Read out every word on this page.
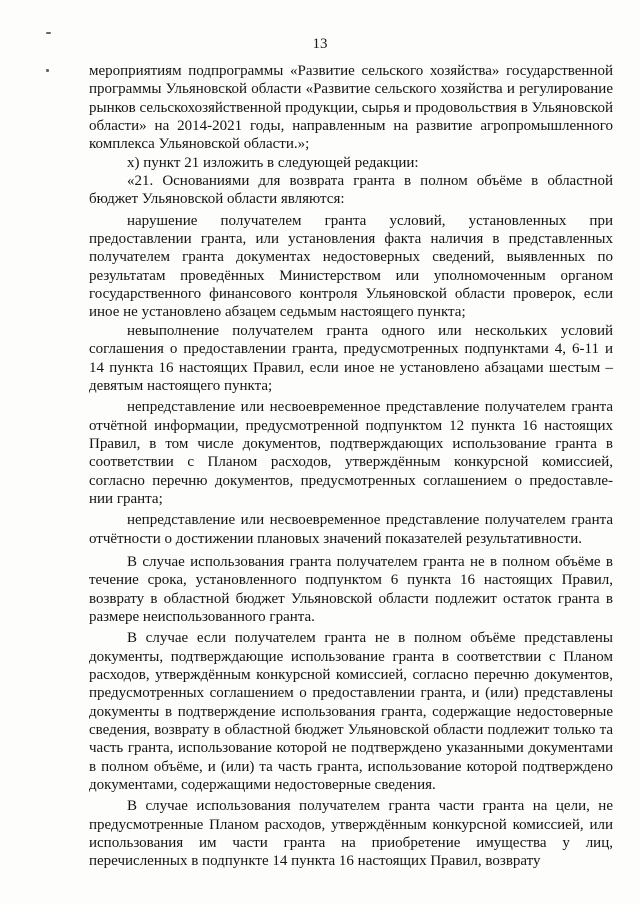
13

мероприятиям подпрограммы «Развитие сельского хозяйства» государственной программы Ульяновской области «Развитие сельского хозяйства и регулирование рынков сельскохозяйственной продукции, сырья и продовольствия в Ульяновской области» на 2014-2021 годы, направленным на развитие агропромышленного комплекса Ульяновской области.»;

х) пункт 21 изложить в следующей редакции:

«21. Основаниями для возврата гранта в полном объёме в областной бюджет Ульяновской области являются:

нарушение получателем гранта условий, установленных при предоставлении гранта, или установления факта наличия в представленных получателем гранта документах недостоверных сведений, выявленных по результатам проведённых Министерством или уполномоченным органом государственного финансового контроля Ульяновской области проверок, если иное не установлено абзацем седьмым настоящего пункта;

невыполнение получателем гранта одного или нескольких условий соглашения о предоставлении гранта, предусмотренных подпунктами 4, 6-11 и 14 пункта 16 настоящих Правил, если иное не установлено абзацами шестым – девятым настоящего пункта;

непредставление или несвоевременное представление получателем гранта отчётной информации, предусмотренной подпунктом 12 пункта 16 настоящих Правил, в том числе документов, подтверждающих использование гранта в соответствии с Планом расходов, утверждённым конкурсной комиссией, согласно перечню документов, предусмотренных соглашением о предоставле-нии гранта;

непредставление или несвоевременное представление получателем гранта отчётности о достижении плановых значений показателей результативности.

В случае использования гранта получателем гранта не в полном объёме в течение срока, установленного подпунктом 6 пункта 16 настоящих Правил, возврату в областной бюджет Ульяновской области подлежит остаток гранта в размере неиспользованного гранта.

В случае если получателем гранта не в полном объёме представлены документы, подтверждающие использование гранта в соответствии с Планом расходов, утверждённым конкурсной комиссией, согласно перечню документов, предусмотренных соглашением о предоставлении гранта, и (или) представлены документы в подтверждение использования гранта, содержащие недостоверные сведения, возврату в областной бюджет Ульяновской области подлежит только та часть гранта, использование которой не подтверждено указанными документами в полном объёме, и (или) та часть гранта, использование которой подтверждено документами, содержащими недостоверные сведения.

В случае использования получателем гранта части гранта на цели, не предусмотренные Планом расходов, утверждённым конкурсной комиссией, или использования им части гранта на приобретение имущества у лиц, перечисленных в подпункте 14 пункта 16 настоящих Правил, возврату
